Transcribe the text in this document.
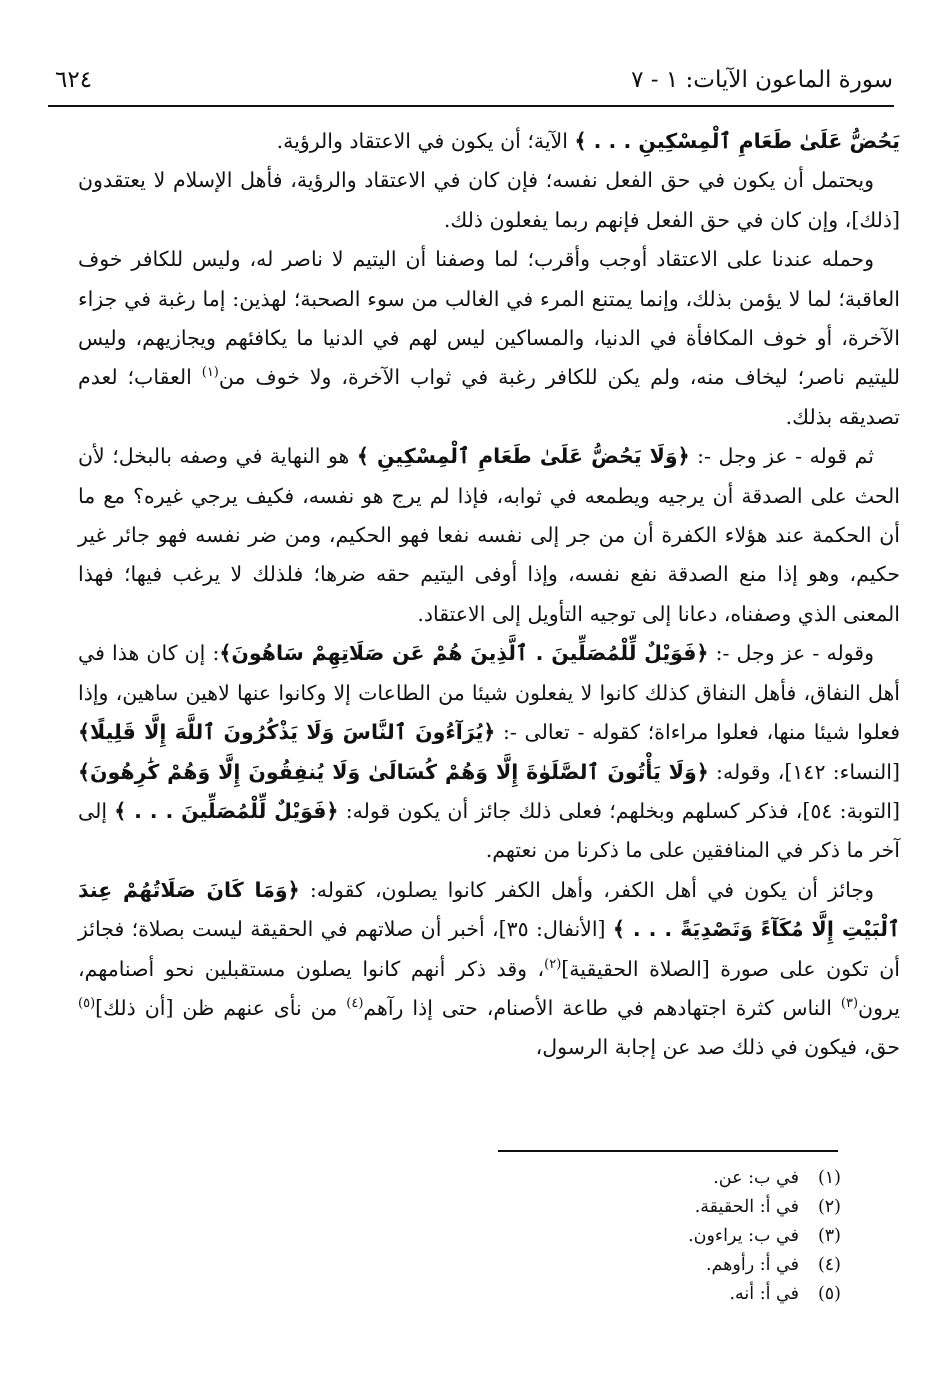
سورة الماعون الآيات: ١ - ٧
٦٢٤

يَحُضُّ عَلَىٰ طَعَامِ ٱلْمِسْكِينِ . . . ﴾ الآية؛ أن يكون في الاعتقاد والرؤية.

ويحتمل أن يكون في حق الفعل نفسه؛ فإن كان في الاعتقاد والرؤية، فأهل الإسلام لا يعتقدون [ذلك]، وإن كان في حق الفعل فإنهم ربما يفعلون ذلك.

وحمله عندنا على الاعتقاد أوجب وأقرب؛ لما وصفنا أن اليتيم لا ناصر له، وليس للكافر خوف العاقبة؛ لما لا يؤمن بذلك، وإنما يمتنع المرء في الغالب من سوء الصحبة؛ لهذين: إما رغبة في جزاء الآخرة، أو خوف المكافأة في الدنيا، والمساكين ليس لهم في الدنيا ما يكافئهم ويجازيهم، وليس لليتيم ناصر؛ ليخاف منه، ولم يكن للكافر رغبة في ثواب الآخرة، ولا خوف من$^{(١)}$ العقاب؛ لعدم تصديقه بذلك.

ثم قوله - عز وجل -: ﴿وَلَا يَحُضُّ عَلَىٰ طَعَامِ ٱلْمِسْكِينِ ﴾ هو النهاية في وصفه بالبخل؛ لأن الحث على الصدقة أن يرجيه ويطمعه في ثوابه، فإذا لم يرج هو نفسه، فكيف يرجي غيره؟ مع ما أن الحكمة عند هؤلاء الكفرة أن من جر إلى نفسه نفعا فهو الحكيم، ومن ضر نفسه فهو جائر غير حكيم، وهو إذا منع الصدقة نفع نفسه، وإذا أوفى اليتيم حقه ضرها؛ فلذلك لا يرغب فيها؛ فهذا المعنى الذي وصفناه، دعانا إلى توجيه التأويل إلى الاعتقاد.

وقوله - عز وجل -: ﴿فَوَيْلٌ لِّلْمُصَلِّينَ . ٱلَّذِينَ هُمْ عَن صَلَاتِهِمْ سَاهُونَ﴾: إن كان هذا في أهل النفاق، فأهل النفاق كذلك كانوا لا يفعلون شيئا من الطاعات إلا وكانوا عنها لاهين ساهين، وإذا فعلوا شيئا منها، فعلوا مراءاة؛ كقوله - تعالى -: ﴿يُرَآءُونَ ٱلنَّاسَ وَلَا يَذْكُرُونَ ٱللَّهَ إِلَّا قَلِيلًا﴾ [النساء: ١٤٢]، وقوله: ﴿وَلَا يَأْتُونَ ٱلصَّلَوٰةَ إِلَّا وَهُمْ كُسَالَىٰ وَلَا يُنفِقُونَ إِلَّا وَهُمْ كَٰرِهُونَ﴾ [التوبة: ٥٤]، فذكر كسلهم وبخلهم؛ فعلى ذلك جائز أن يكون قوله: ﴿فَوَيْلٌ لِّلْمُصَلِّينَ . . . ﴾ إلى آخر ما ذكر في المنافقين على ما ذكرنا من نعتهم.

وجائز أن يكون في أهل الكفر، وأهل الكفر كانوا يصلون، كقوله: ﴿وَمَا كَانَ صَلَاتُهُمْ عِندَ ٱلْبَيْتِ إِلَّا مُكَآءً وَتَصْدِيَةً . . . ﴾ [الأنفال: ٣٥]، أخبر أن صلاتهم في الحقيقة ليست بصلاة؛ فجائز أن تكون على صورة [الصلاة الحقيقية]$^{(٢)}$، وقد ذكر أنهم كانوا يصلون مستقبلين نحو أصنامهم، يرون$^{(٣)}$ الناس كثرة اجتهادهم في طاعة الأصنام، حتى إذا رآهم$^{(٤)}$ من نأى عنهم ظن [أن ذلك]$^{(٥)}$ حق، فيكون في ذلك صد عن إجابة الرسول،

(١)
في ب: عن.
(٢)
في أ: الحقيقة.
(٣)
في ب: يراءون.
(٤)
في أ: رأوهم.
(٥)
في أ: أنه.
